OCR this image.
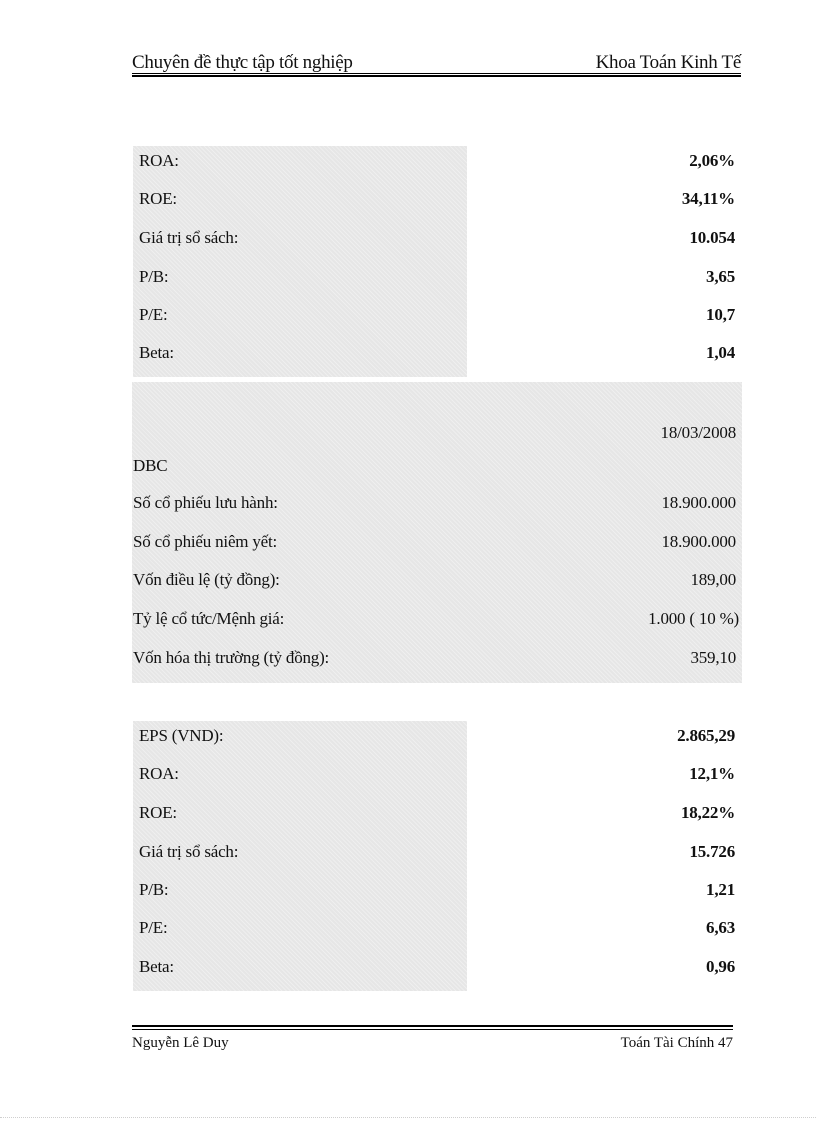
Chuyên đề thực tập tốt nghiệp	Khoa Toán Kinh Tế
ROA:	2,06%
ROE:	34,11%
Giá trị sổ sách:	10.054
P/B:	3,65
P/E:	10,7
Beta:	1,04
18/03/2008
DBC
Số cổ phiếu lưu hành:	18.900.000
Số cổ phiếu niêm yết:	18.900.000
Vốn điều lệ (tỷ đồng):	189,00
Tỷ lệ cổ tức/Mệnh giá:	1.000 ( 10 %)
Vốn hóa thị trường (tỷ đồng):	359,10
EPS (VND):	2.865,29
ROA:	12,1%
ROE:	18,22%
Giá trị sổ sách:	15.726
P/B:	1,21
P/E:	6,63
Beta:	0,96
Nguyễn Lê Duy	Toán Tài Chính 47
